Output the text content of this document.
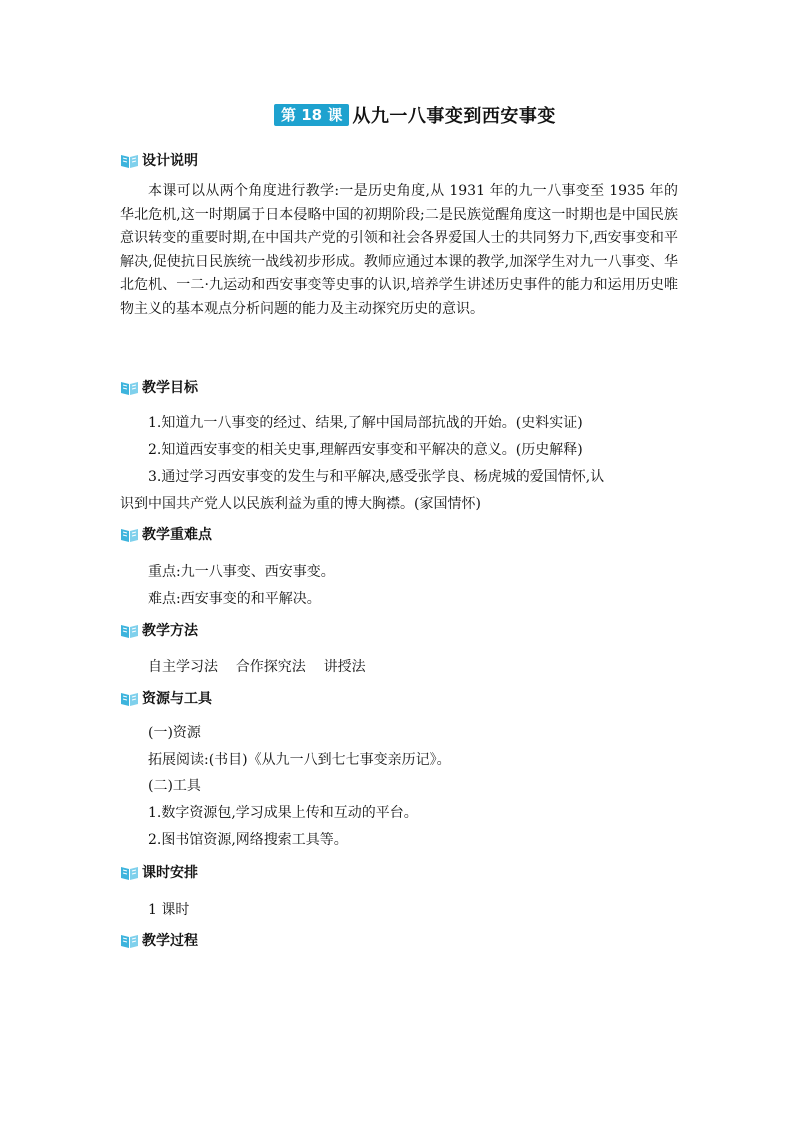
第 18 课 从九一八事变到西安事变
设计说明
本课可以从两个角度进行教学:一是历史角度,从 1931 年的九一八事变至 1935 年的华北危机,这一时期属于日本侵略中国的初期阶段;二是民族觉醒角度这一时期也是中国民族意识转变的重要时期,在中国共产党的引领和社会各界爱国人士的共同努力下,西安事变和平解决,促使抗日民族统一战线初步形成。教师应通过本课的教学,加深学生对九一八事变、华北危机、一二·九运动和西安事变等史事的认识,培养学生讲述历史事件的能力和运用历史唯物主义的基本观点分析问题的能力及主动探究历史的意识。
教学目标
1.知道九一八事变的经过、结果,了解中国局部抗战的开始。(史料实证)
2.知道西安事变的相关史事,理解西安事变和平解决的意义。(历史解释)
3.通过学习西安事变的发生与和平解决,感受张学良、杨虎城的爱国情怀,认
识到中国共产党人以民族利益为重的博大胸襟。(家国情怀)
教学重难点
重点:九一八事变、西安事变。
难点:西安事变的和平解决。
教学方法
自主学习法    合作探究法    讲授法
资源与工具
(一)资源
拓展阅读:(书目)《从九一八到七七事变亲历记》。
(二)工具
1.数字资源包,学习成果上传和互动的平台。
2.图书馆资源,网络搜索工具等。
课时安排
1 课时
教学过程
